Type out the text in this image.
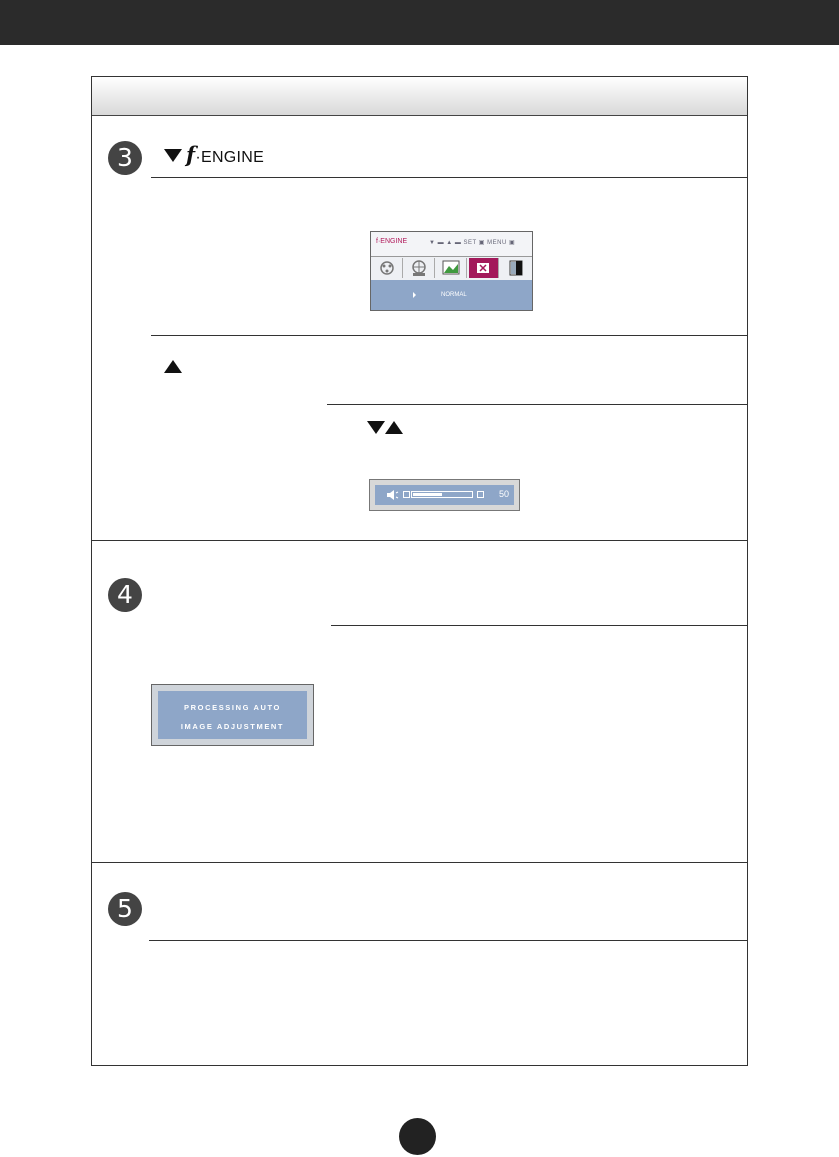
3	f·ENGINE
f·ENGINE	▼ ▬ ▲ ▬ SET ▣ MENU ▣
NORMAL
50
4
PROCESSING AUTO
IMAGE ADJUSTMENT
5
